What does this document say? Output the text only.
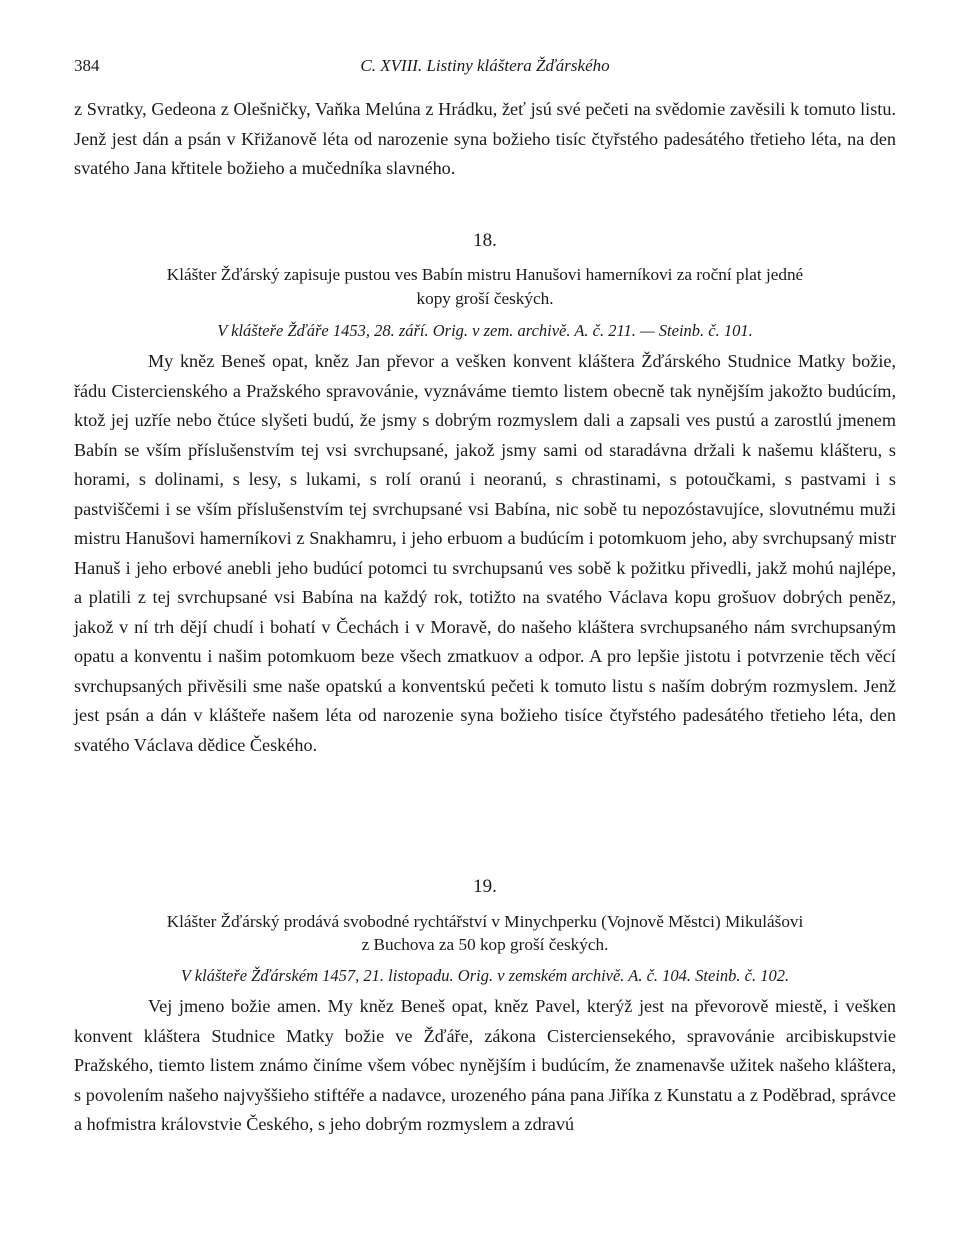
384	C. XVIII. Listiny kláštera Žďárského

z Svratky, Gedeona z Olešničky, Vaňka Melúna z Hrádku, žeť jsú své pečeti na svědomie zavěsili k tomuto listu. Jenž jest dán a psán v Křižanově léta od narozenie syna božieho tisíc čtyřstého padesátého třetieho léta, na den svatého Jana křtitele božieho a mučedníka slavného.

18.

Klášter Žďárský zapisuje pustou ves Babín mistru Hanušovi hamerníkovi za roční plat jedné

kopy groší českých.

V klášteře Žďáře 1453, 28. září. Orig. v zem. archivě. A. č. 211. — Steinb. č. 101.

My kněz Beneš opat, kněz Jan převor a vešken konvent kláštera Žďárského Studnice Matky božie, řádu Cistercienského a Pražského spravovánie, vyznáváme tiemto listem obecně tak nynějším jakožto budúcím, ktož jej uzříe nebo čtúce slyšeti budú, že jsmy s dobrým rozmyslem dali a zapsali ves pustú a zarostlú jmenem Babín se vším příslušenstvím tej vsi svrchupsané, jakož jsmy sami od staradávna držali k našemu klášteru, s horami, s dolinami, s lesy, s lukami, s rolí oranú i neoranú, s chrastinami, s potoučkami, s pastvami i s pastviščemi i se vším příslušenstvím tej svrchupsané vsi Babína, nic sobě tu nepozóstavujíce, slovutnému muži mistru Hanušovi hamerníkovi z Snakhamru, i jeho erbuom a budúcím i potomkuom jeho, aby svrchupsaný mistr Hanuš i jeho erbové anebli jeho budúcí potomci tu svrchupsanú ves sobě k požitku přivedli, jakž mohú najlépe, a platili z tej svrchupsané vsi Babína na každý rok, totižto na svatého Václava kopu grošuov dobrých peněz, jakož v ní trh dějí chudí i bohatí v Čechách i v Moravě, do našeho kláštera svrchupsaného nám svrchupsaným opatu a konventu i našim potomkuom beze všech zmatkuov a odpor. A pro lepšie jistotu i potvrzenie těch věcí svrchupsaných přivěsili sme naše opatskú a konventskú pečeti k tomuto listu s naším dobrým rozmyslem. Jenž jest psán a dán v klášteře našem léta od narozenie syna božieho tisíce čtyřstého padesátého třetieho léta, den svatého Václava dědice Českého.

19.

Klášter Žďárský prodává svobodné rychtářství v Minychperku (Vojnově Městci) Mikulášovi

z Buchova za 50 kop groší českých.

V klášteře Žďárském 1457, 21. listopadu. Orig. v zemském archivě. A. č. 104. Steinb. č. 102.

Vej jmeno božie amen. My kněz Beneš opat, kněz Pavel, kterýž jest na převorově miestě, i vešken konvent kláštera Studnice Matky božie ve Žďáře, zákona Cisterciensekého, spravovánie arcibiskupstvie Pražského, tiemto listem známo činíme všem vóbec nynějším i budúcím, že znamenavše užitek našeho kláštera, s povolením našeho najvyššieho stiftéře a nadavce, urozeného pána pana Jiříka z Kunstatu a z Poděbrad, správce a hofmistra královstvie Českého, s jeho dobrým rozmyslem a zdravú
